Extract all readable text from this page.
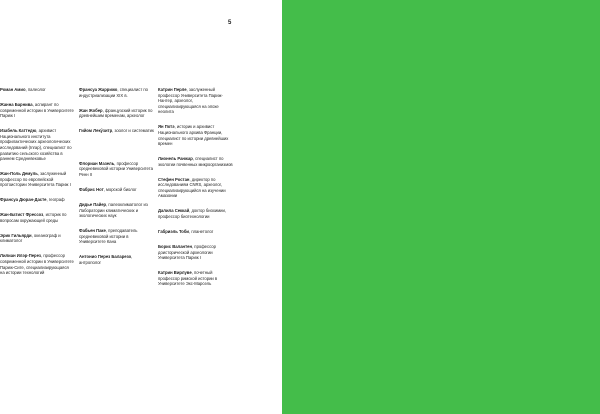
5
Роман Амио, палеолог
Жанна Барнива, аспирант по современной истории в Университете Париж I
Изабель Каттедю, архивист Национального института профилактических археологических исследований (Inrap), специалист по развитию сельского хозяйства в раннем Средневековье
Жан-Поль Демуль, заслуженный профессор по европейской протоистории Университета Париж I
Франсуа Дюран-Дасте, географ
Жан-Батист Фрессоз, историк по вопросам окружающей среды
Эрик Гильярди, океанограф и климатолог
Лилиан Илэр-Перез, профессор современной истории в Университете Париж-Сите, специализирующаяся на истории технологий
Франсуа Жаррижо, специалист по индустриализации XIX в.
Жан Жобер, французский историк по древнейшим временам, археолог
Гийом Леку́зитр, зоолог и систематик
Флориан Мазель, профессор средневековой истории Университета Ренн II
Фабрис Нот, морской биолог
Дидье Пайер, палеоклиматолог из Лаборатории климатических и экологических наук
Фабьен Паке, преподаватель средневековой истории в Университете Кана
Антонио Перез Баларезо, антрополог
Катрин Перле, заслуженный профессор Университета Париж-Нантер, археолог, специализирующаяся на эпохе неолита
Ян Потэ, историк и архивист Национального архива Франции, специалист по истории древнейших времен
Лионель Ранжар, специалист по экологии почвенных микроорганизмов
Стефен Ростан, директор по исследованиям CNRS, археолог, специализирующийся на изучении Амазонии
Далила Секкай, доктор биохимии, профессор биотехнологии
Габриэль Тоби, планетолог
Борис Валантен, профессор доисторической археологии Университета Париж I
Катрин Вирлуве, почетный профессор римской истории в Университете Экс-Марсель
